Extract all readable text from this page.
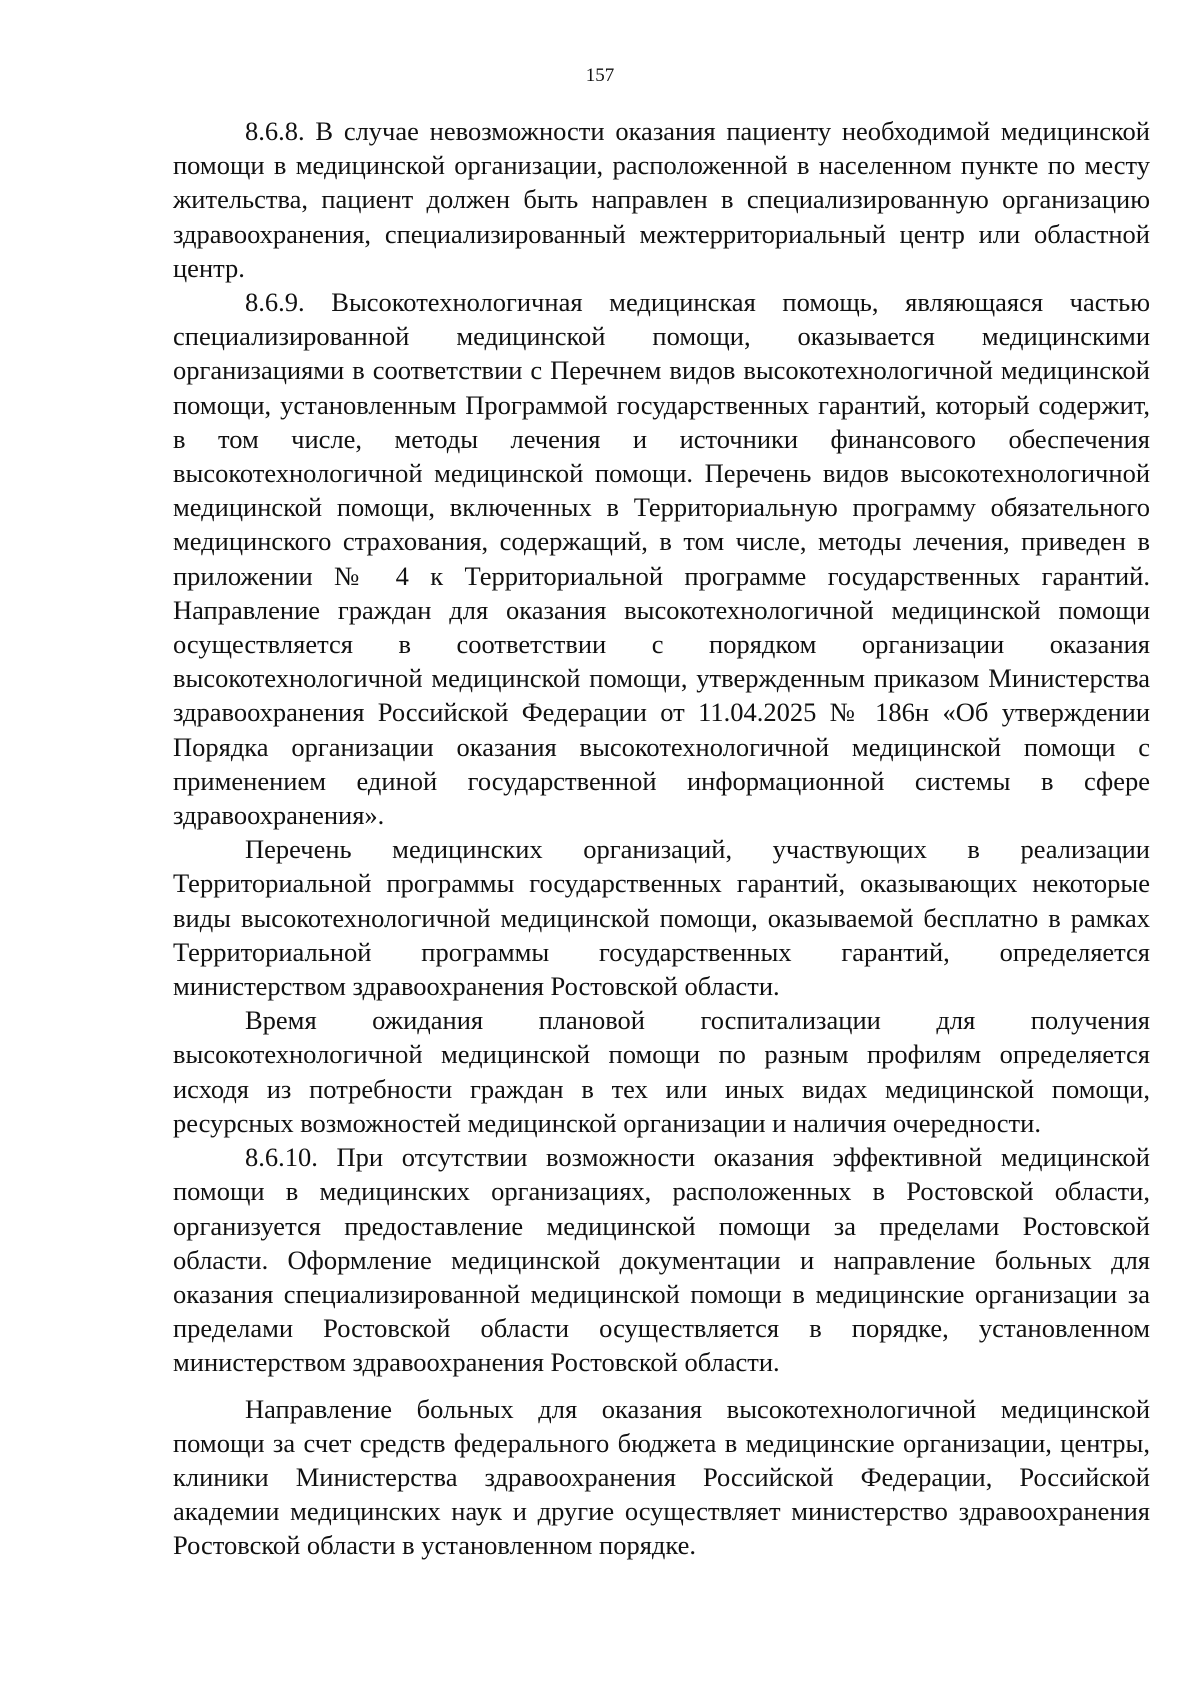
157

8.6.8. В случае невозможности оказания пациенту необходимой медицинской помощи в медицинской организации, расположенной в населенном пункте по месту жительства, пациент должен быть направлен в специализированную организацию здравоохранения, специализированный межтерриториальный центр или областной центр.

8.6.9. Высокотехнологичная медицинская помощь, являющаяся частью специализированной медицинской помощи, оказывается медицинскими организациями в соответствии с Перечнем видов высокотехнологичной медицинской помощи, установленным Программой государственных гарантий, который содержит, в том числе, методы лечения и источники финансового обеспечения высокотехнологичной медицинской помощи. Перечень видов высокотехнологичной медицинской помощи, включенных в Территориальную программу обязательного медицинского страхования, содержащий, в том числе, методы лечения, приведен в приложении № 4 к Территориальной программе государственных гарантий. Направление граждан для оказания высокотехнологичной медицинской помощи осуществляется в соответствии с порядком организации оказания высокотехнологичной медицинской помощи, утвержденным приказом Министерства здравоохранения Российской Федерации от 11.04.2025 № 186н «Об утверждении Порядка организации оказания высокотехнологичной медицинской помощи с применением единой государственной информационной системы в сфере здравоохранения».

Перечень медицинских организаций, участвующих в реализации Территориальной программы государственных гарантий, оказывающих некоторые виды высокотехнологичной медицинской помощи, оказываемой бесплатно в рамках Территориальной программы государственных гарантий, определяется министерством здравоохранения Ростовской области.

Время ожидания плановой госпитализации для получения высокотехнологичной медицинской помощи по разным профилям определяется исходя из потребности граждан в тех или иных видах медицинской помощи, ресурсных возможностей медицинской организации и наличия очередности.

8.6.10. При отсутствии возможности оказания эффективной медицинской помощи в медицинских организациях, расположенных в Ростовской области, организуется предоставление медицинской помощи за пределами Ростовской области. Оформление медицинской документации и направление больных для оказания специализированной медицинской помощи в медицинские организации за пределами Ростовской области осуществляется в порядке, установленном министерством здравоохранения Ростовской области.

Направление больных для оказания высокотехнологичной медицинской помощи за счет средств федерального бюджета в медицинские организации, центры, клиники Министерства здравоохранения Российской Федерации, Российской академии медицинских наук и другие осуществляет министерство здравоохранения Ростовской области в установленном порядке.
